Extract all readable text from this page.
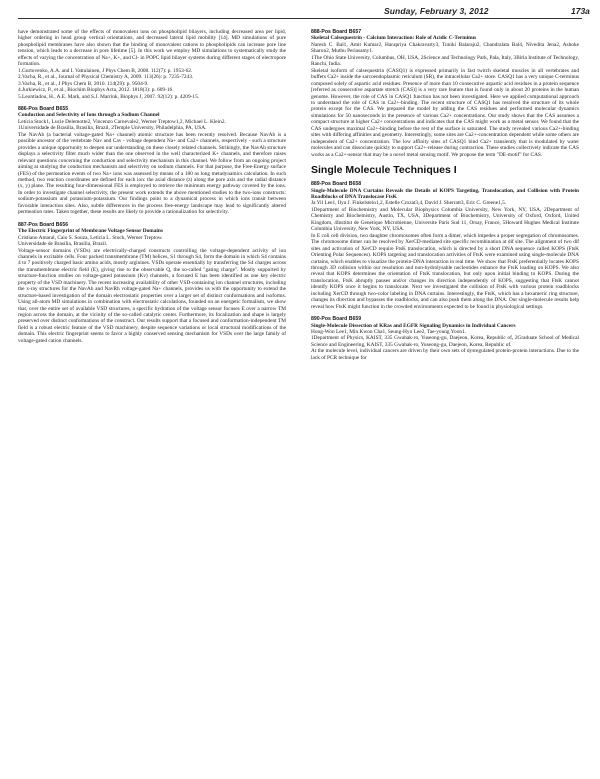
Sunday, February 3, 2012	173a

have demonstrated some of the effects of monovalent ions on phospholipid bilayers, including decreased area per lipid, higher ordering in head group vertical orientations, and decreased lateral lipid mobility [14]. MD simulations of pure phospholipid membranes have also shown that the binding of monovalent cations to phospholipids can increase pore line tension, which leads to a decrease in pore lifetime [5]. In this work we employ MD simulations to systematically study the effects of varying the concentration of Na+, K+, and Cl- in POPC lipid bilayer systems during different stages of electropore formation.

1.Gurtovenko, A.A. and I. Vattulainen, J Phys Chem B, 2008. 112(7): p. 1953-62.

2.Vacha, R., et al., Journal of Physical Chemistry A, 2009. 113(26): p. 7235-7243.

3.Vacha, R., et al., J Phys Chem B, 2010. 114(29): p. 9504-9.

4.Jurkiewicz, P., et al., Biochim Biophys Acta, 2012. 1818(3): p. 609-16.

5.Leontiadou, H., A.E. Mark, and S.J. Marrink, Biophys J, 2007. 92(12): p. 4209-15.

886-Pos Board B655

Conduction and Selectivity of Ions through a Sodium Channel

Letícia Stock1, Lucie Delemotte2, Vincenzo Carnevale2, Werner Treptow1,2, Michael L. Klein2.

1Universidade de Brasília, Brasília, Brazil, 2Temple University, Philadelphia, PA, USA.

The NavAb (a bacterial voltage-gated Na+ channel) atomic structure has been recently resolved. Because NavAb is a possible ancestor of the vertebrate Nav and Cav - voltage dependent Na+ and Ca2+ channels, respectively - such a structure provides a unique opportunity to deepen our understanding on these closely related channels. Strikingly, the NavAb structure displays a selectivity filter much wider than the one observed in the well characterized K+ channels, and therefore raises relevant questions concerning the conduction and selectivity mechanism in this channel. We follow from an ongoing project aiming at studying the conduction mechanism and selectivity on sodium channels. For that purpose, the Free-Energy surface (FES) of the permeation events of two Na+ ions was assessed by means of a 180 ns long metadynamics calculation. In such method, two reaction coordinates are defined for each ion: the axial distance (z) along the pore axis and the radial distance (x, y) plane. The resulting four-dimensional FES is employed to retrieve the minimum energy pathway covered by the ions. In order to investigate channel selectivity, the present work extends the above mentioned studies to the two-ions constructs: sodium-potassium and potassium-potassium. Our findings point to a dynamical process in which ions transit between favorable interaction sites. Also, subtle differences in the process free-energy landscape may lead to significantly altered permeation rates. Taken together, these results are likely to provide a rationalization for selectivity.

887-Pos Board B656

The Electric Fingerprint of Membrane Voltage Sensor Domains

Cristiano Amaral, Caio S. Souza, Leticia L. Stock, Werner Treptow.

Universidade de Brasília, Brasília, Brazil.

Voltage-sensor domains (VSDs) are electrically-charged constructs controlling the voltage-dependent activity of ion channels in excitable cells. Four packed transmembrane (TM) helices, S1 through S4, form the domain in which S4 contains 4 to 7 positively charged basic amino acids, mostly arginines. VSDs operate essentially by transferring the S4 charges across the transmembrane electric field (E), giving rise to the observable Q, the so-called "gating charge". Mostly supported by structure-function studies on voltage-gated potassium (Kv) channels, a focused E has been identified as one key electric property of the VSD machinery. The recent increasing availability of other VSD-containing ion channel structures, including the x-ray structures for the NavAb and NavRh voltage-gated Na+ channels, provides us with the opportunity to extend the structure-based investigation of the domain electrostatic properties over a larger set of distinct conformations and isoforms. Using all-atom MD simulations in combination with electrostatic calculations, founded on an energetic formalism, we show that, over the entire set of available VSD structures, a specific hydration of the voltage sensor focuses E over a narrow TM region across the domain, at the vicinity of the so-called catalytic center. Furthermore, its focalization and shape is largely preserved over distinct conformations of the construct. Our results support that a focused and conformation-independent TM field is a robust electric feature of the VSD machinery, despite sequence variations or local structural modifications of the domain. This electric fingerprint seems to favor a highly conserved sensing mechanism for VSDs over the large family of voltage-gated cation channels.

888-Pos Board B657

Skeletal Calsequestrin - Calcium Interaction: Role of Acidic C-Terminus

Naresh C. Bal1, Amit Kumar2, Harapriya Chakravarty3, Tuniki Balaraju2, Chandralata Bal4, Nivedita Jena2, Ashoke Sharon2, Muthu Periasamy1.

1The Ohio State University, Columbus, OH, USA, 2Science and Technology Park, Pala, Italy, 3Birla Institute of Technology, Ranchi, India.

Skeletal isoform of calsequestrin (CASQ1) is expressed primarily in fast twitch skeletal muscles in all vertebrates and buffers Ca2+ inside the sarcoendoplasmic reticulum (SR), the intracellular Ca2+ store. CASQ1 has a very unique C-terminus composed solely of aspartic acid residues. Presence of more than 10 consecutive aspartic acid residues in a protein sequence [referred as consecutive aspartate stretch (CAS)] is a very rare feature that is found only in about 20 proteins in the human genome. However, the role of CAS in CASQ1 function has not been investigated. Here we applied computational approach to understand the role of CAS in Ca2+-binding. The recent structure of CASQ1 has resolved the structure of its whole protein except for the CAS. We prepared the model by adding the CAS residues and performed molecular dynamics simulations for 50 nanoseconds in the presence of various Ca2+ concentrations. Our study shows that the CAS assumes a compact structure at higher Ca2+ concentrations and indicates that the CAS might work as a metal sensor. We found that the CAS undergoes maximal Ca2+-binding before the rest of the surface is saturated. The study revealed various Ca2+-binding sites with differing affinities and geometry. Interestingly, some sites are Ca2+-concentration dependent while some others are independent of Ca2+ concentration. The low affinity sites of CASQ1 bind Ca2+ transiently that is modulated by water molecules and can dissociate quickly to support Ca2+-release during contraction. These studies collectively indicate the CAS works as a Ca2+-sensor that may be a novel metal sensing motif. We propose the term "DE-motif" for CAS.

Single Molecule Techniques I

889-Pos Board B658

Single-Molecule DNA Curtains Reveals the Details of KOPS Targeting, Translocation, and Collision with Protein Roadblocks of DNA Translocase FtsK

Ja Yil Lee1, Ilya J. Finkelstein1,2, Estelle Crozat3,4, David J. Sherratt3, Eric C. Greene1,5.

1Department of Biochemistry and Molecular Biophysics Columbia University, New York, NY, USA, 2Department of Chemistry and Biochemistry, Austin, TX, USA, 3Department of Biochemistry, University of Oxford, Oxford, United Kingdom, 4Institut de Genetique Microbienne, Universite Paris Sud 11, Orsay, France, 5Howard Hughes Medical Institute Columbia University, New York, NY, USA.

In E coli cell division, two daughter chromosomes often form a dimer, which impedes a proper segregation of chromosomes. The chromosome dimer can be resolved by XerCD-mediated site specific recombination at dif site. The alignment of two dif sites and activation of XerCD require FtsK translocation, which is directed by a short DNA sequence called KOPS (FtsK Orienting Polar Sequences). KOPS targeting and translocation activities of FtsK were examined using single-molecule DNA curtains, which enables to visualize the protein-DNA interaction in real time. We show that FtsK preferentially locates KOPS through 3D collision within our resolution and non-hydrolysable nucleotides enhance the FtsK loading on KOPS. We also reveal that KOPS determines the orientation of FtsK translocation, but only upon initial binding to KOPS. During the translocation, FtsK abruptly pauses and/or changes its direction independently of KOPS, suggesting that FtsK cannot identify KOPS once it begins to translocate. Next we investigated the collision of FtsK with various protein roadblocks including XerCD through two-color labeling in DNA curtains. Interestingly, the FtsK, which has a hexameric ring structure, changes its direction and bypasses the roadblocks, and can also push them along the DNA. Our single-molecule results help reveal how FtsK might function in the crowded environments expected to be found in physiological settings.

890-Pos Board B659

Single-Molecule Dissection of KRas and EGFR Signaling Dynamics in Individual Cancers

Hong-Won Lee1, Min Kwon Cha1, Seung-Hyo Lee2, Tae-young Yoon1.

1Department of Physics, KAIST, 335 Gwahak-ro, Yuseong-gu, Daejeon, Korea, Republic of, 2Graduate School of Medical Science and Engineering, KAIST, 335 Gwahak-ro, Yuseong-gu, Daejeon, Korea, Republic of.

At the molecule level, individual cancers are driven by their own sets of dysregulated protein-protein interactions. Due to the lack of PCR technique for
